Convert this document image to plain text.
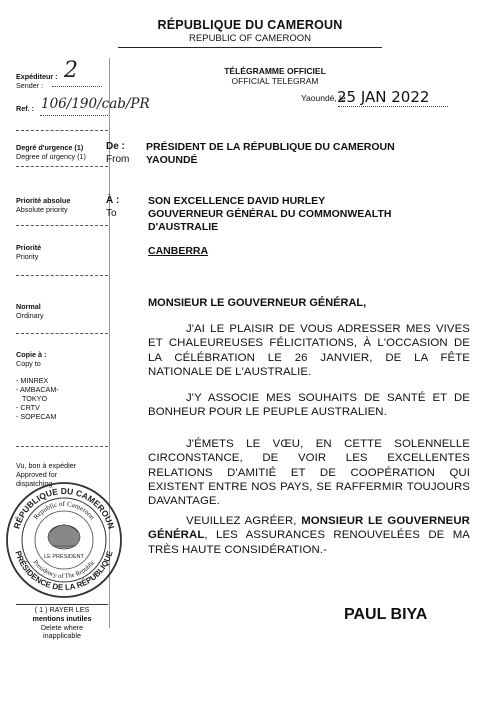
RÉPUBLIQUE DU CAMEROUN
REPUBLIC OF CAMEROON
Expéditeur :
Sender :
2
Ref. : 106/190/cab/PR
Degré d'urgence (1)
Degree of urgency (1)
Priorité absolue
Absolute priority
Priorité
Priority
Normal
Ordinary
Copie à :
Copy to
- MINREX
- AMBACAM-
TOKYO
- CRTV
- SOPECAM
Vu, bon à expédier
Approved for
dispatching
RÉPUBLIQUE DU CAMEROUN
Republic of Cameroon
Presidency of The Republic
PRÉSIDENCE DE LA RÉPUBLIQUE
LE PRÉSIDENT
( 1 ) RAYER LES
mentions inutiles
Delete where
inapplicable
TÉLÉGRAMME OFFICIEL
OFFICIAL TELEGRAM
Yaoundé, le
25 JAN 2022
De :
From
PRÉSIDENT DE LA RÉPUBLIQUE DU CAMEROUN
YAOUNDÉ
À :
To
SON EXCELLENCE DAVID HURLEY
GOUVERNEUR GÉNÉRAL DU COMMONWEALTH
D'AUSTRALIE
CANBERRA
MONSIEUR LE GOUVERNEUR GÉNÉRAL,
J'AI LE PLAISIR DE VOUS ADRESSER MES VIVES ET CHALEUREUSES FÉLICITATIONS, À L'OCCASION DE LA CÉLÉBRATION LE 26 JANVIER, DE LA FÊTE NATIONALE DE L'AUSTRALIE.
J'Y ASSOCIE MES SOUHAITS DE SANTÉ ET DE BONHEUR POUR LE PEUPLE AUSTRALIEN.
J'ÉMETS LE VŒU, EN CETTE SOLENNELLE CIRCONSTANCE, DE VOIR LES EXCELLENTES RELATIONS D'AMITIÉ ET DE COOPÉRATION QUI EXISTENT ENTRE NOS PAYS, SE RAFFERMIR TOUJOURS DAVANTAGE.
VEUILLEZ AGRÉER, MONSIEUR LE GOUVERNEUR GÉNÉRAL, LES ASSURANCES RENOUVELÉES DE MA TRÈS HAUTE CONSIDÉRATION.-
PAUL BIYA
